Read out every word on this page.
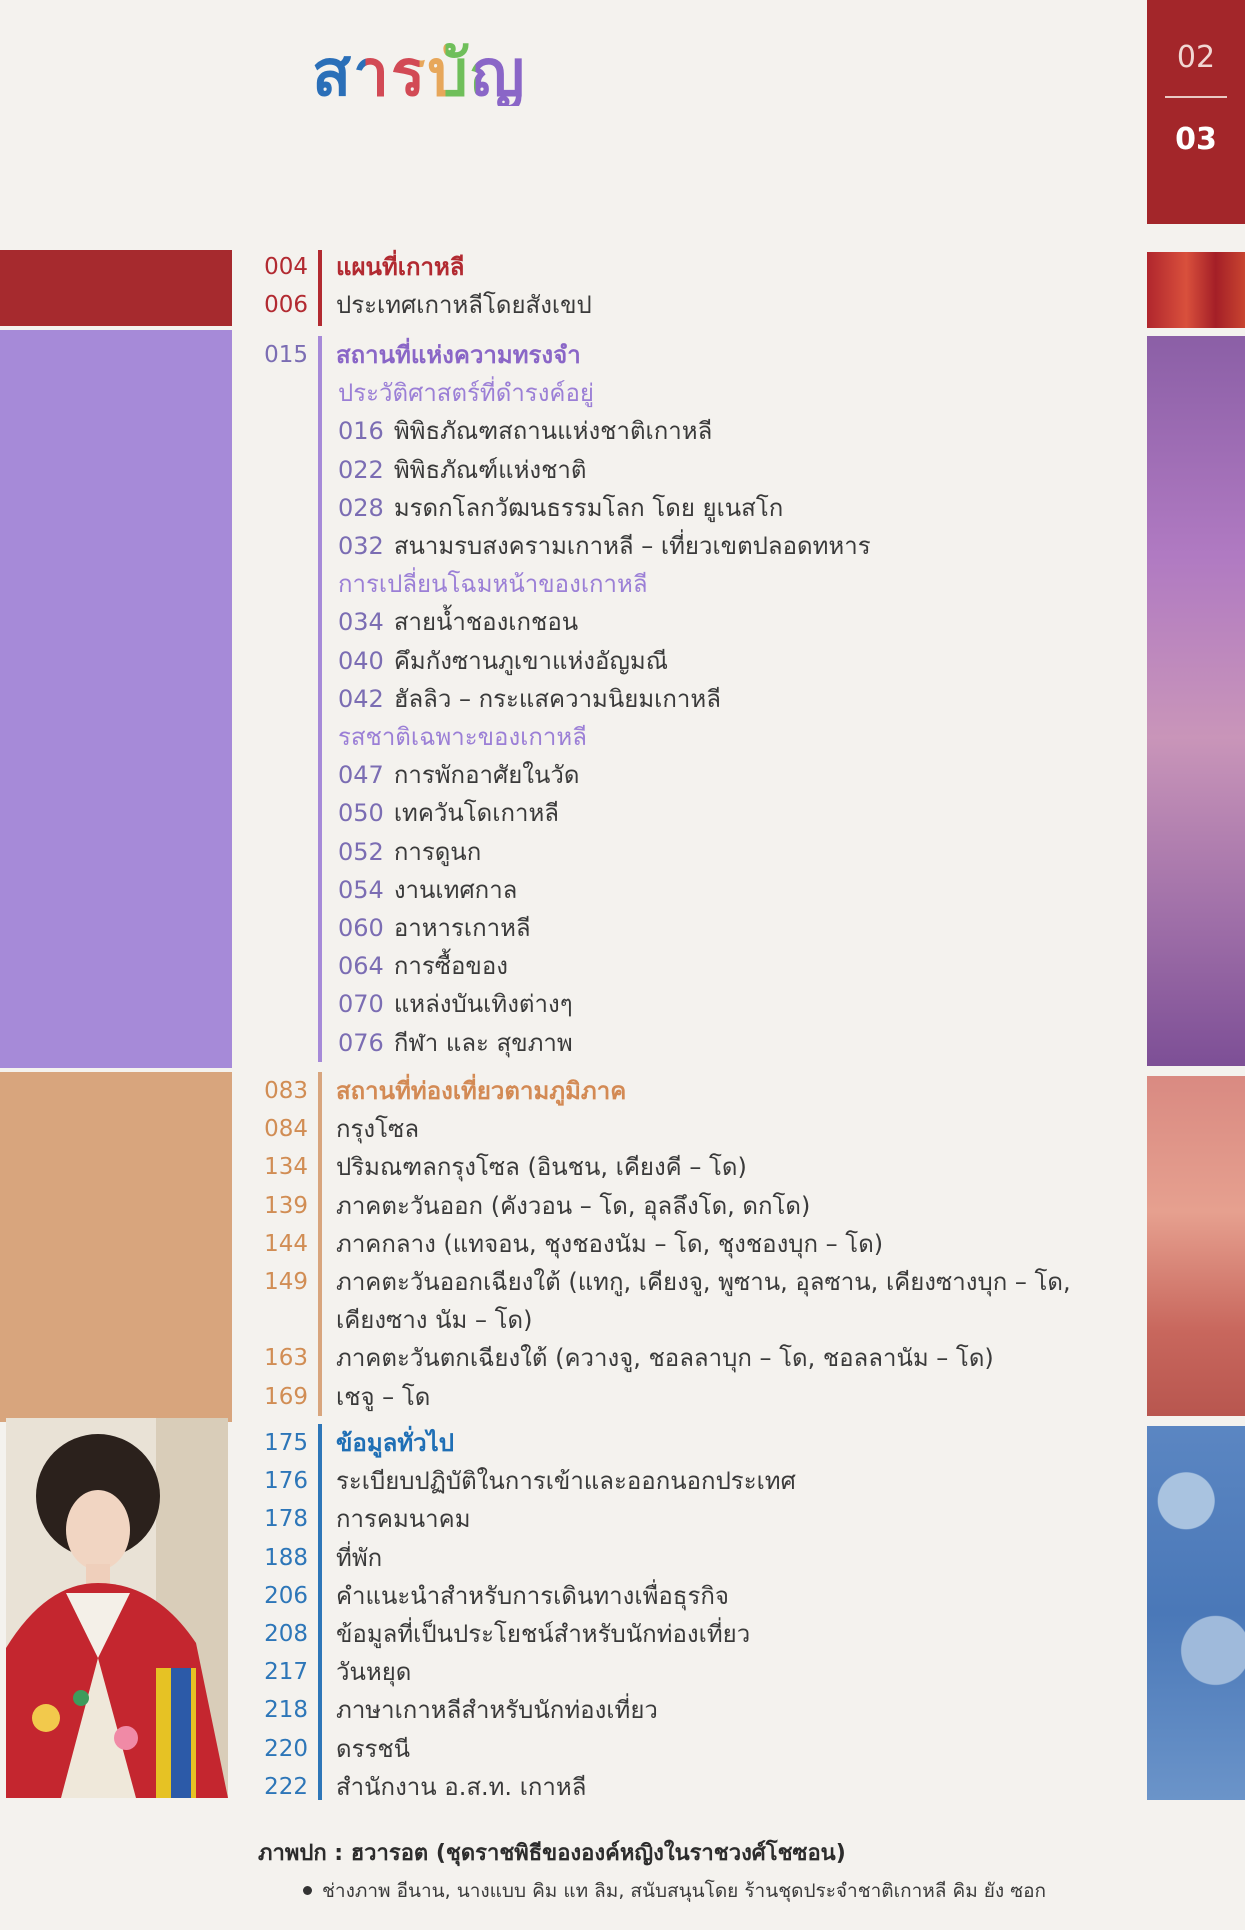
สารบัญ	02
03
004 แผนที่เกาหลี
006 ประเทศเกาหลีโดยสังเขป
015 สถานที่แห่งความทรงจำ
ประวัติศาสตร์ที่ดำรงค์อยู่
016 พิพิธภัณฑสถานแห่งชาติเกาหลี
022 พิพิธภัณฑ์แห่งชาติ
028 มรดกโลกวัฒนธรรมโลก โดย ยูเนสโก
032 สนามรบสงครามเกาหลี – เที่ยวเขตปลอดทหาร
การเปลี่ยนโฉมหน้าของเกาหลี
034 สายน้ำชองเกชอน
040 คึมกังซานภูเขาแห่งอัญมณี
042 ฮัลลิว – กระแสความนิยมเกาหลี
รสชาติเฉพาะของเกาหลี
047 การพักอาศัยในวัด
050 เทควันโดเกาหลี
052 การดูนก
054 งานเทศกาล
060 อาหารเกาหลี
064 การซื้อของ
070 แหล่งบันเทิงต่างๆ
076 กีฬา และ สุขภาพ
083 สถานที่ท่องเที่ยวตามภูมิภาค
084 กรุงโซล
134 ปริมณฑลกรุงโซล (อินชน, เคียงคี – โด)
139 ภาคตะวันออก (คังวอน – โด, อุลลึงโด, ดกโด)
144 ภาคกลาง (แทจอน, ชุงชองนัม – โด, ชุงชองบุก – โด)
149 ภาคตะวันออกเฉียงใต้ (แทกู, เคียงจู, พูซาน, อุลซาน, เคียงซางบุก – โด,
เคียงซาง นัม – โด)
163 ภาคตะวันตกเฉียงใต้ (ควางจู, ชอลลาบุก – โด, ชอลลานัม – โด)
169 เชจู – โด
175 ข้อมูลทั่วไป
176 ระเบียบปฏิบัติในการเข้าและออกนอกประเทศ
178 การคมนาคม
188 ที่พัก
206 คำแนะนำสำหรับการเดินทางเพื่อธุรกิจ
208 ข้อมูลที่เป็นประโยชน์สำหรับนักท่องเที่ยว
217 วันหยุด
218 ภาษาเกาหลีสำหรับนักท่องเที่ยว
220 ดรรชนี
222 สำนักงาน อ.ส.ท. เกาหลี
ภาพปก : ฮวารอต (ชุดราชพิธีขององค์หญิงในราชวงศ์โชซอน)
ช่างภาพ อีนาน, นางแบบ คิม แท ลิม, สนับสนุนโดย ร้านชุดประจำชาติเกาหลี คิม ยัง ซอก
